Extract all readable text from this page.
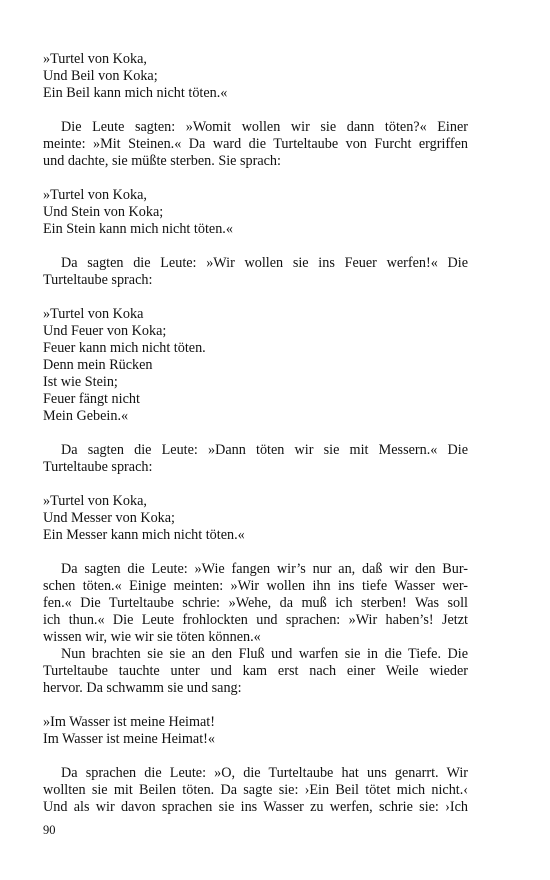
»Turtel von Koka,
Und Beil von Koka;
Ein Beil kann mich nicht töten.«
Die Leute sagten: »Womit wollen wir sie dann töten?« Einer
meinte: »Mit Steinen.« Da ward die Turteltaube von Furcht ergriffen
und dachte, sie müßte sterben. Sie sprach:
»Turtel von Koka,
Und Stein von Koka;
Ein Stein kann mich nicht töten.«
Da sagten die Leute: »Wir wollen sie ins Feuer werfen!« Die
Turteltaube sprach:
»Turtel von Koka
Und Feuer von Koka;
Feuer kann mich nicht töten.
Denn mein Rücken
Ist wie Stein;
Feuer fängt nicht
Mein Gebein.«
Da sagten die Leute: »Dann töten wir sie mit Messern.« Die
Turteltaube sprach:
»Turtel von Koka,
Und Messer von Koka;
Ein Messer kann mich nicht töten.«
Da sagten die Leute: »Wie fangen wir’s nur an, daß wir den Bur-
schen töten.« Einige meinten: »Wir wollen ihn ins tiefe Wasser wer-
fen.« Die Turteltaube schrie: »Wehe, da muß ich sterben! Was soll
ich thun.« Die Leute frohlockten und sprachen: »Wir haben’s! Jetzt
wissen wir, wie wir sie töten können.«
Nun brachten sie sie an den Fluß und warfen sie in die Tiefe. Die
Turteltaube tauchte unter und kam erst nach einer Weile wieder
hervor. Da schwamm sie und sang:
»Im Wasser ist meine Heimat!
Im Wasser ist meine Heimat!«
Da sprachen die Leute: »O, die Turteltaube hat uns genarrt. Wir
wollten sie mit Beilen töten. Da sagte sie: ›Ein Beil tötet mich nicht.‹
Und als wir davon sprachen sie ins Wasser zu werfen, schrie sie: ›Ich
90
